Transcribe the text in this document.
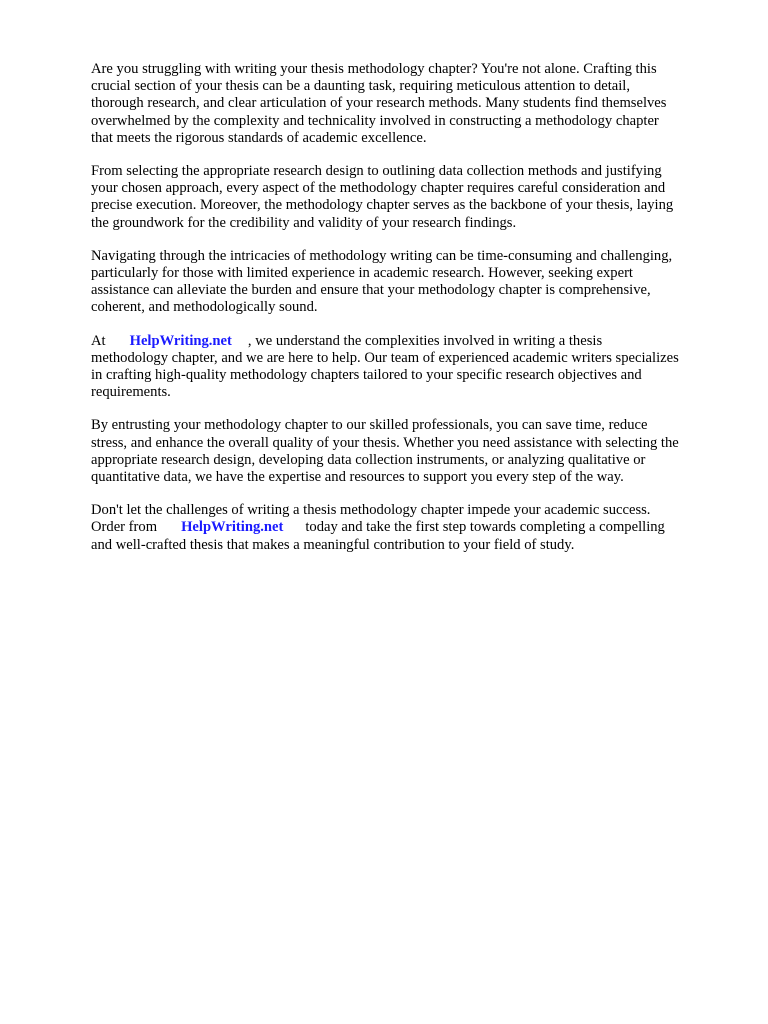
Are you struggling with writing your thesis methodology chapter? You're not alone. Crafting this
crucial section of your thesis can be a daunting task, requiring meticulous attention to detail,
thorough research, and clear articulation of your research methods. Many students find themselves
overwhelmed by the complexity and technicality involved in constructing a methodology chapter
that meets the rigorous standards of academic excellence.

From selecting the appropriate research design to outlining data collection methods and justifying
your chosen approach, every aspect of the methodology chapter requires careful consideration and
precise execution. Moreover, the methodology chapter serves as the backbone of your thesis, laying
the groundwork for the credibility and validity of your research findings.

Navigating through the intricacies of methodology writing can be time-consuming and challenging,
particularly for those with limited experience in academic research. However, seeking expert
assistance can alleviate the burden and ensure that your methodology chapter is comprehensive,
coherent, and methodologically sound.

At HelpWriting.net , we understand the complexities involved in writing a thesis
methodology chapter, and we are here to help. Our team of experienced academic writers specializes
in crafting high-quality methodology chapters tailored to your specific research objectives and
requirements.

By entrusting your methodology chapter to our skilled professionals, you can save time, reduce
stress, and enhance the overall quality of your thesis. Whether you need assistance with selecting the
appropriate research design, developing data collection instruments, or analyzing qualitative or
quantitative data, we have the expertise and resources to support you every step of the way.

Don't let the challenges of writing a thesis methodology chapter impede your academic success.
Order from HelpWriting.net today and take the first step towards completing a compelling
and well-crafted thesis that makes a meaningful contribution to your field of study.
